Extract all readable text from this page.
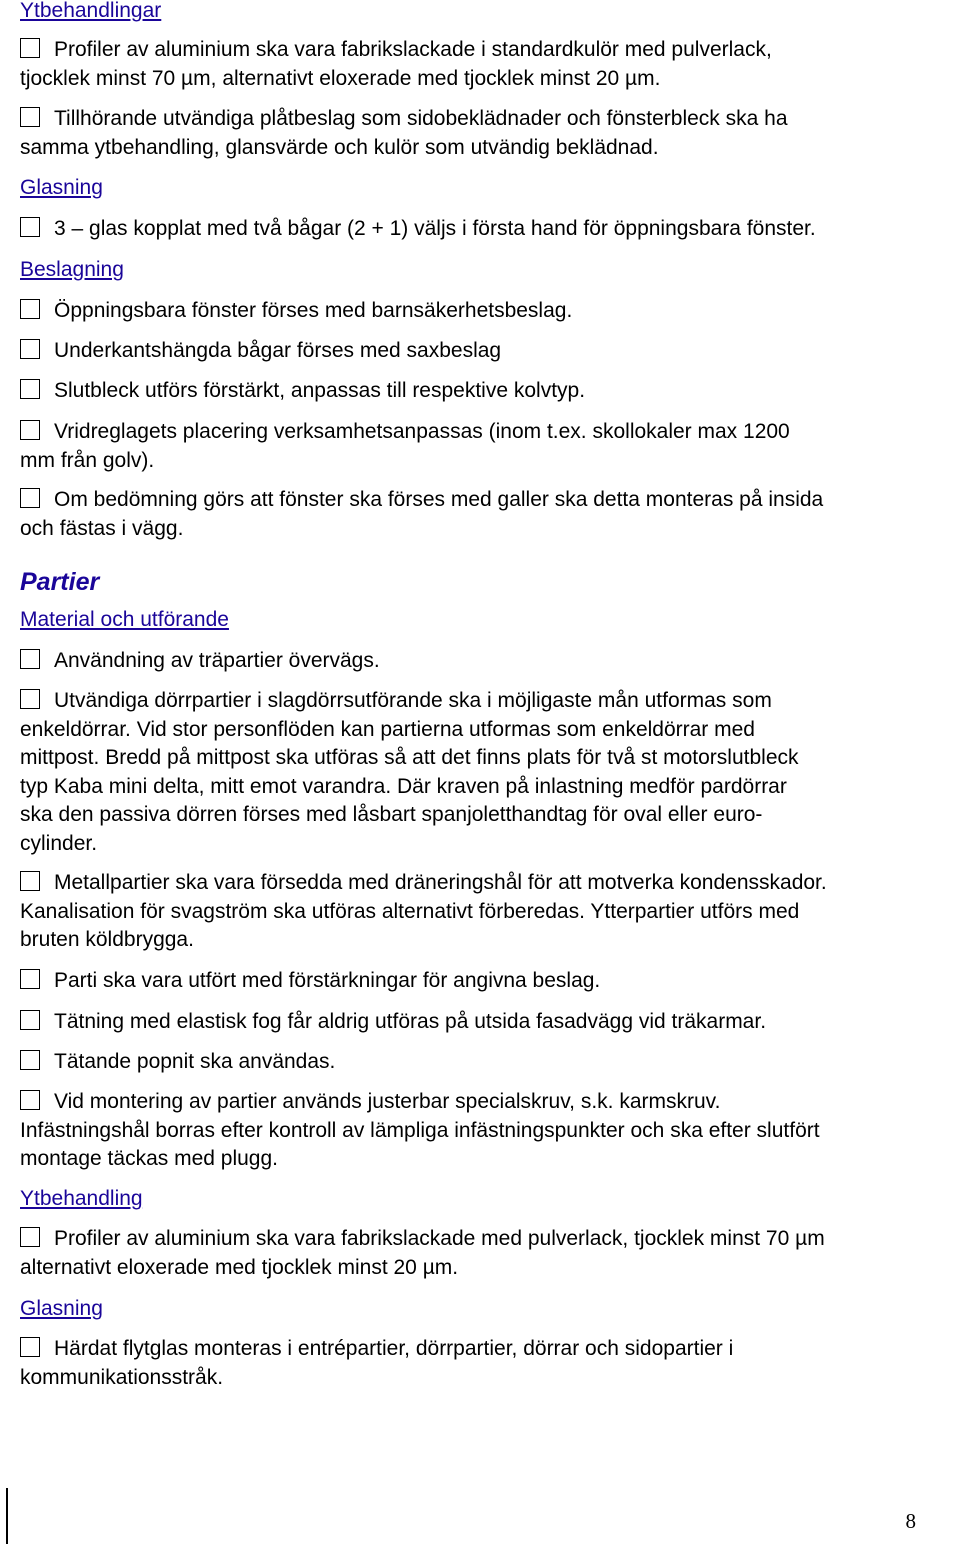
Ytbehandlingar
Profiler av aluminium ska vara fabrikslackade i standardkulör med pulverlack,
tjocklek minst 70 µm, alternativt eloxerade med tjocklek minst 20 µm.
Tillhörande utvändiga plåtbeslag som sidobeklädnader och fönsterbleck ska ha
samma ytbehandling, glansvärde och kulör som utvändig beklädnad.
Glasning
3 – glas kopplat med två bågar (2 + 1) väljs i första hand för öppningsbara fönster.
Beslagning
Öppningsbara fönster förses med barnsäkerhetsbeslag.
Underkantshängda bågar förses med saxbeslag
Slutbleck utförs förstärkt, anpassas till respektive kolvtyp.
Vridreglagets placering verksamhetsanpassas (inom t.ex. skollokaler max 1200
mm från golv).
Om bedömning görs att fönster ska förses med galler ska detta monteras på insida
och fästas i vägg.
Partier
Material och utförande
Användning av träpartier övervägs.
Utvändiga dörrpartier i slagdörrsutförande ska i möjligaste mån utformas som
enkeldörrar. Vid stor personflöden kan partierna utformas som enkeldörrar med
mittpost. Bredd på mittpost ska utföras så att det finns plats för två st motorslutbleck
typ Kaba mini delta, mitt emot varandra. Där kraven på inlastning medför pardörrar
ska den passiva dörren förses med låsbart spanjoletthandtag för oval eller euro-
cylinder.
Metallpartier ska vara försedda med dräneringshål för att motverka kondensskador.
Kanalisation för svagström ska utföras alternativt förberedas. Ytterpartier utförs med
bruten köldbrygga.
Parti ska vara utfört med förstärkningar för angivna beslag.
Tätning med elastisk fog får aldrig utföras på utsida fasadvägg vid träkarmar.
Tätande popnit ska användas.
Vid montering av partier används justerbar specialskruv, s.k. karmskruv.
Infästningshål borras efter kontroll av lämpliga infästningspunkter och ska efter slutfört
montage täckas med plugg.
Ytbehandling
Profiler av aluminium ska vara fabrikslackade med pulverlack, tjocklek minst 70 µm
alternativt eloxerade med tjocklek minst 20 µm.
Glasning
Härdat flytglas monteras i entrépartier, dörrpartier, dörrar och sidopartier i
kommunikationsstråk.
8
